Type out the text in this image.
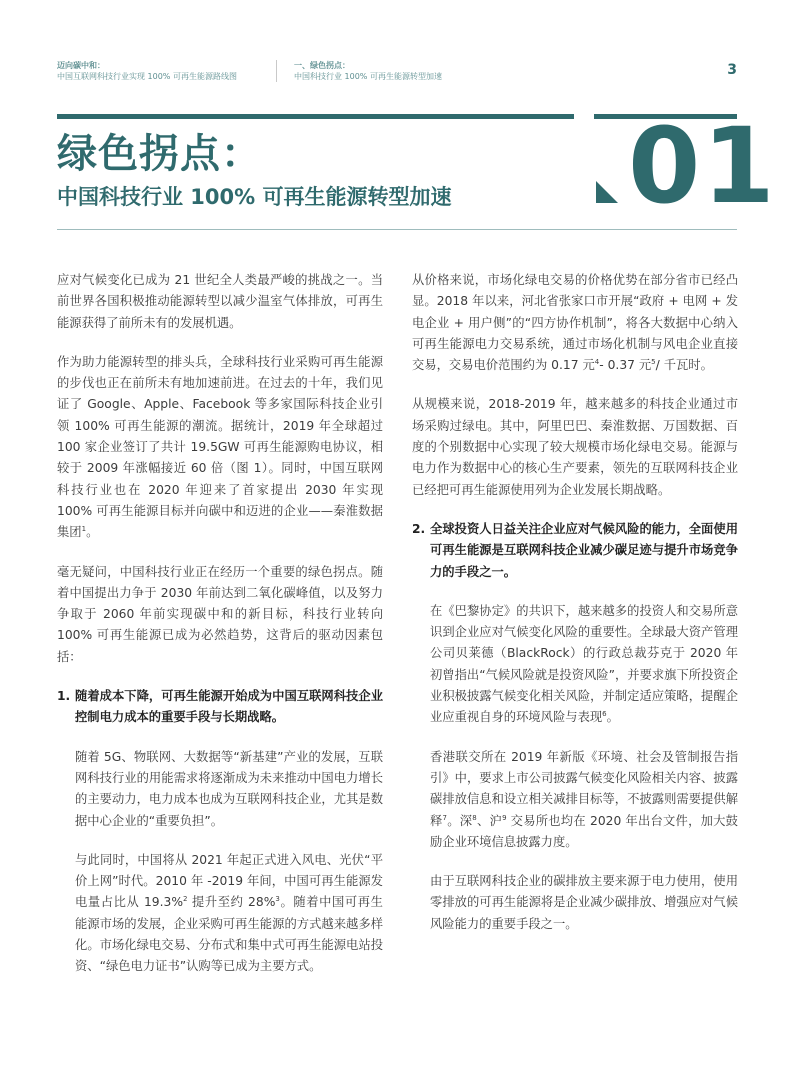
迈向碳中和：
中国互联网科技行业实现 100% 可再生能源路线图
一、绿色拐点：
中国科技行业 100% 可再生能源转型加速	3
绿色拐点：
中国科技行业 100% 可再生能源转型加速 01

应对气候变化已成为 21 世纪全人类最严峻的挑战之一。当前世界各国积极推动能源转型以减少温室气体排放，可再生能源获得了前所未有的发展机遇。

作为助力能源转型的排头兵，全球科技行业采购可再生能源的步伐也正在前所未有地加速前进。在过去的十年，我们见证了 Google、Apple、Facebook 等多家国际科技企业引领 100% 可再生能源的潮流。据统计，2019 年全球超过 100 家企业签订了共计 19.5GW 可再生能源购电协议，相较于 2009 年涨幅接近 60 倍（图 1）。同时，中国互联网科技行业也在 2020 年迎来了首家提出 2030 年实现 100% 可再生能源目标并向碳中和迈进的企业——秦淮数据集团$^1$。

毫无疑问，中国科技行业正在经历一个重要的绿色拐点。随着中国提出力争于 2030 年前达到二氧化碳峰值，以及努力争取于 2060 年前实现碳中和的新目标，科技行业转向 100% 可再生能源已成为必然趋势，这背后的驱动因素包括：

1. 随着成本下降，可再生能源开始成为中国互联网科技企业控制电力成本的重要手段与长期战略。

随着 5G、物联网、大数据等“新基建”产业的发展，互联网科技行业的用能需求将逐渐成为未来推动中国电力增长的主要动力，电力成本也成为互联网科技企业，尤其是数据中心企业的“重要负担”。

与此同时，中国将从 2021 年起正式进入风电、光伏“平价上网”时代。2010 年 -2019 年间，中国可再生能源发电量占比从 19.3%$^2$ 提升至约 28%$^3$。随着中国可再生能源市场的发展，企业采购可再生能源的方式越来越多样化。市场化绿电交易、分布式和集中式可再生能源电站投资、“绿色电力证书”认购等已成为主要方式。

从价格来说，市场化绿电交易的价格优势在部分省市已经凸显。2018 年以来，河北省张家口市开展“政府 + 电网 + 发电企业 + 用户侧”的“四方协作机制”，将各大数据中心纳入可再生能源电力交易系统，通过市场化机制与风电企业直接交易，交易电价范围约为 0.17 元$^4$- 0.37 元$^5$/ 千瓦时。

从规模来说，2018-2019 年，越来越多的科技企业通过市场采购过绿电。其中，阿里巴巴、秦淮数据、万国数据、百度的个别数据中心实现了较大规模市场化绿电交易。能源与电力作为数据中心的核心生产要素，领先的互联网科技企业已经把可再生能源使用列为企业发展长期战略。

2. 全球投资人日益关注企业应对气候风险的能力，全面使用可再生能源是互联网科技企业减少碳足迹与提升市场竞争力的手段之一。

在《巴黎协定》的共识下，越来越多的投资人和交易所意识到企业应对气候变化风险的重要性。全球最大资产管理公司贝莱德（BlackRock）的行政总裁芬克于 2020 年初曾指出“气候风险就是投资风险”，并要求旗下所投资企业积极披露气候变化相关风险，并制定适应策略，提醒企业应重视自身的环境风险与表现$^6$。

香港联交所在 2019 年新版《环境、社会及管制报告指引》中，要求上市公司披露气候变化风险相关内容、披露碳排放信息和设立相关减排目标等，不披露则需要提供解释$^7$。深$^8$、沪$^9$ 交易所也均在 2020 年出台文件，加大鼓励企业环境信息披露力度。

由于互联网科技企业的碳排放主要来源于电力使用，使用零排放的可再生能源将是企业减少碳排放、增强应对气候风险能力的重要手段之一。
